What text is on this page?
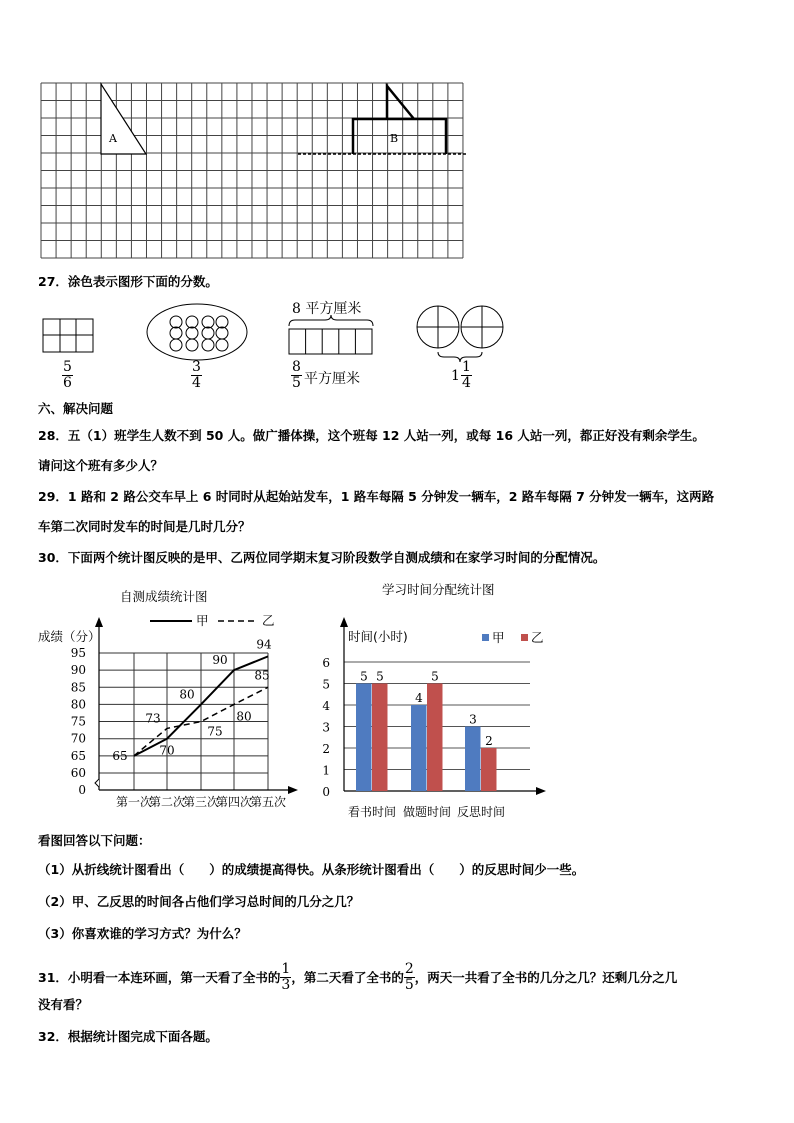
0
60
65
70
75
80
85
90
95
第一次
第二次
第三次
第四次
第五次
65	70
80
90
94
73
75
80
85
0
1
2
3
4
5
6
看书时间 做题时间 反思时间
5
4
3
5	5
2
A	B
27．涂色表示图形下面的分数。
$\frac{5}{6}$	$\frac{3}{4}$
8 平方厘米
$\frac{8}{5}$ 平方厘米	$1 \frac{1}{4}$
六、解决问题
28．五（1）班学生人数不到 50 人。做广播体操，这个班每 12 人站一列，或每 16 人站一列，都正好没有剩余学生。
请问这个班有多少人？
29．1 路和 2 路公交车早上 6 时同时从起始站发车，1 路车每隔 5 分钟发一辆车，2 路车每隔 7 分钟发一辆车，这两路
车第二次同时发车的时间是几时几分？
30．下面两个统计图反映的是甲、乙两位同学期末复习阶段数学自测成绩和在家学习时间的分配情况。
自测成绩统计图
成绩（分）
甲	乙
学习时间分配统计图
时间(小时)	甲 乙
看图回答以下问题：
（1）从折线统计图看出（　　）的成绩提高得快。从条形统计图看出（　　）的反思时间少一些。
（2）甲、乙反思的时间各占他们学习总时间的几分之几？
（3）你喜欢谁的学习方式？为什么？
31．小明看一本连环画，第一天看了全书的 $\frac{1}{3}$ ，第二天看了全书的 $\frac{2}{5}$ ，两天一共看了全书的几分之几？还剩几分之几
没有看？
32．根据统计图完成下面各题。
